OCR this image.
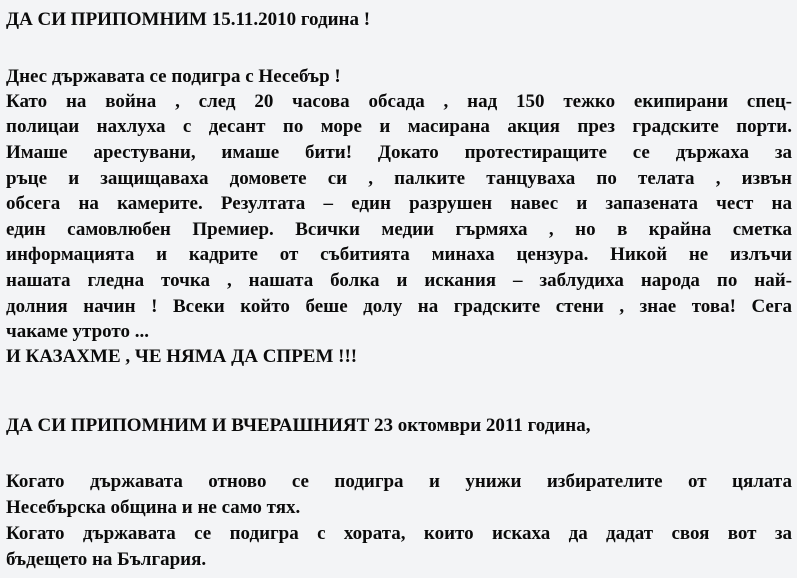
ДА СИ ПРИПОМНИМ 15.11.2010 година !
Днес държавата се подигра с Несебър !
Като на война , след 20 часова обсада , над 150 тежко екипирани спец-
полицаи нахлуха с десант по море и масирана акция през градските порти.
Имаше арестувани, имаше бити! Докато протестиращите се държаха за
ръце и защищаваха домовете си , палките танцуваха по телата , извън
обсега на камерите. Резултата – един разрушен навес и запазената чест на
един самовлюбен Премиер. Всички медии гърмяха , но в крайна сметка
информацията и кадрите от събитията минаха цензура. Никой не излъчи
нашата гледна точка , нашата болка и искания – заблудиха народа по най-
долния начин ! Всеки който беше долу на градските стени , знае това! Сега
чакаме утрото ...
И КАЗАХМЕ , ЧЕ НЯМА ДА СПРЕМ !!!
ДА СИ ПРИПОМНИМ И ВЧЕРАШНИЯТ 23 октомври 2011 година,
Когато държавата отново се подигра и унижи избирателите от цялата
Несебърска община и не само тях.
Когато държавата се подигра с хората, които искаха да дадат своя вот за
бъдещето на България.
